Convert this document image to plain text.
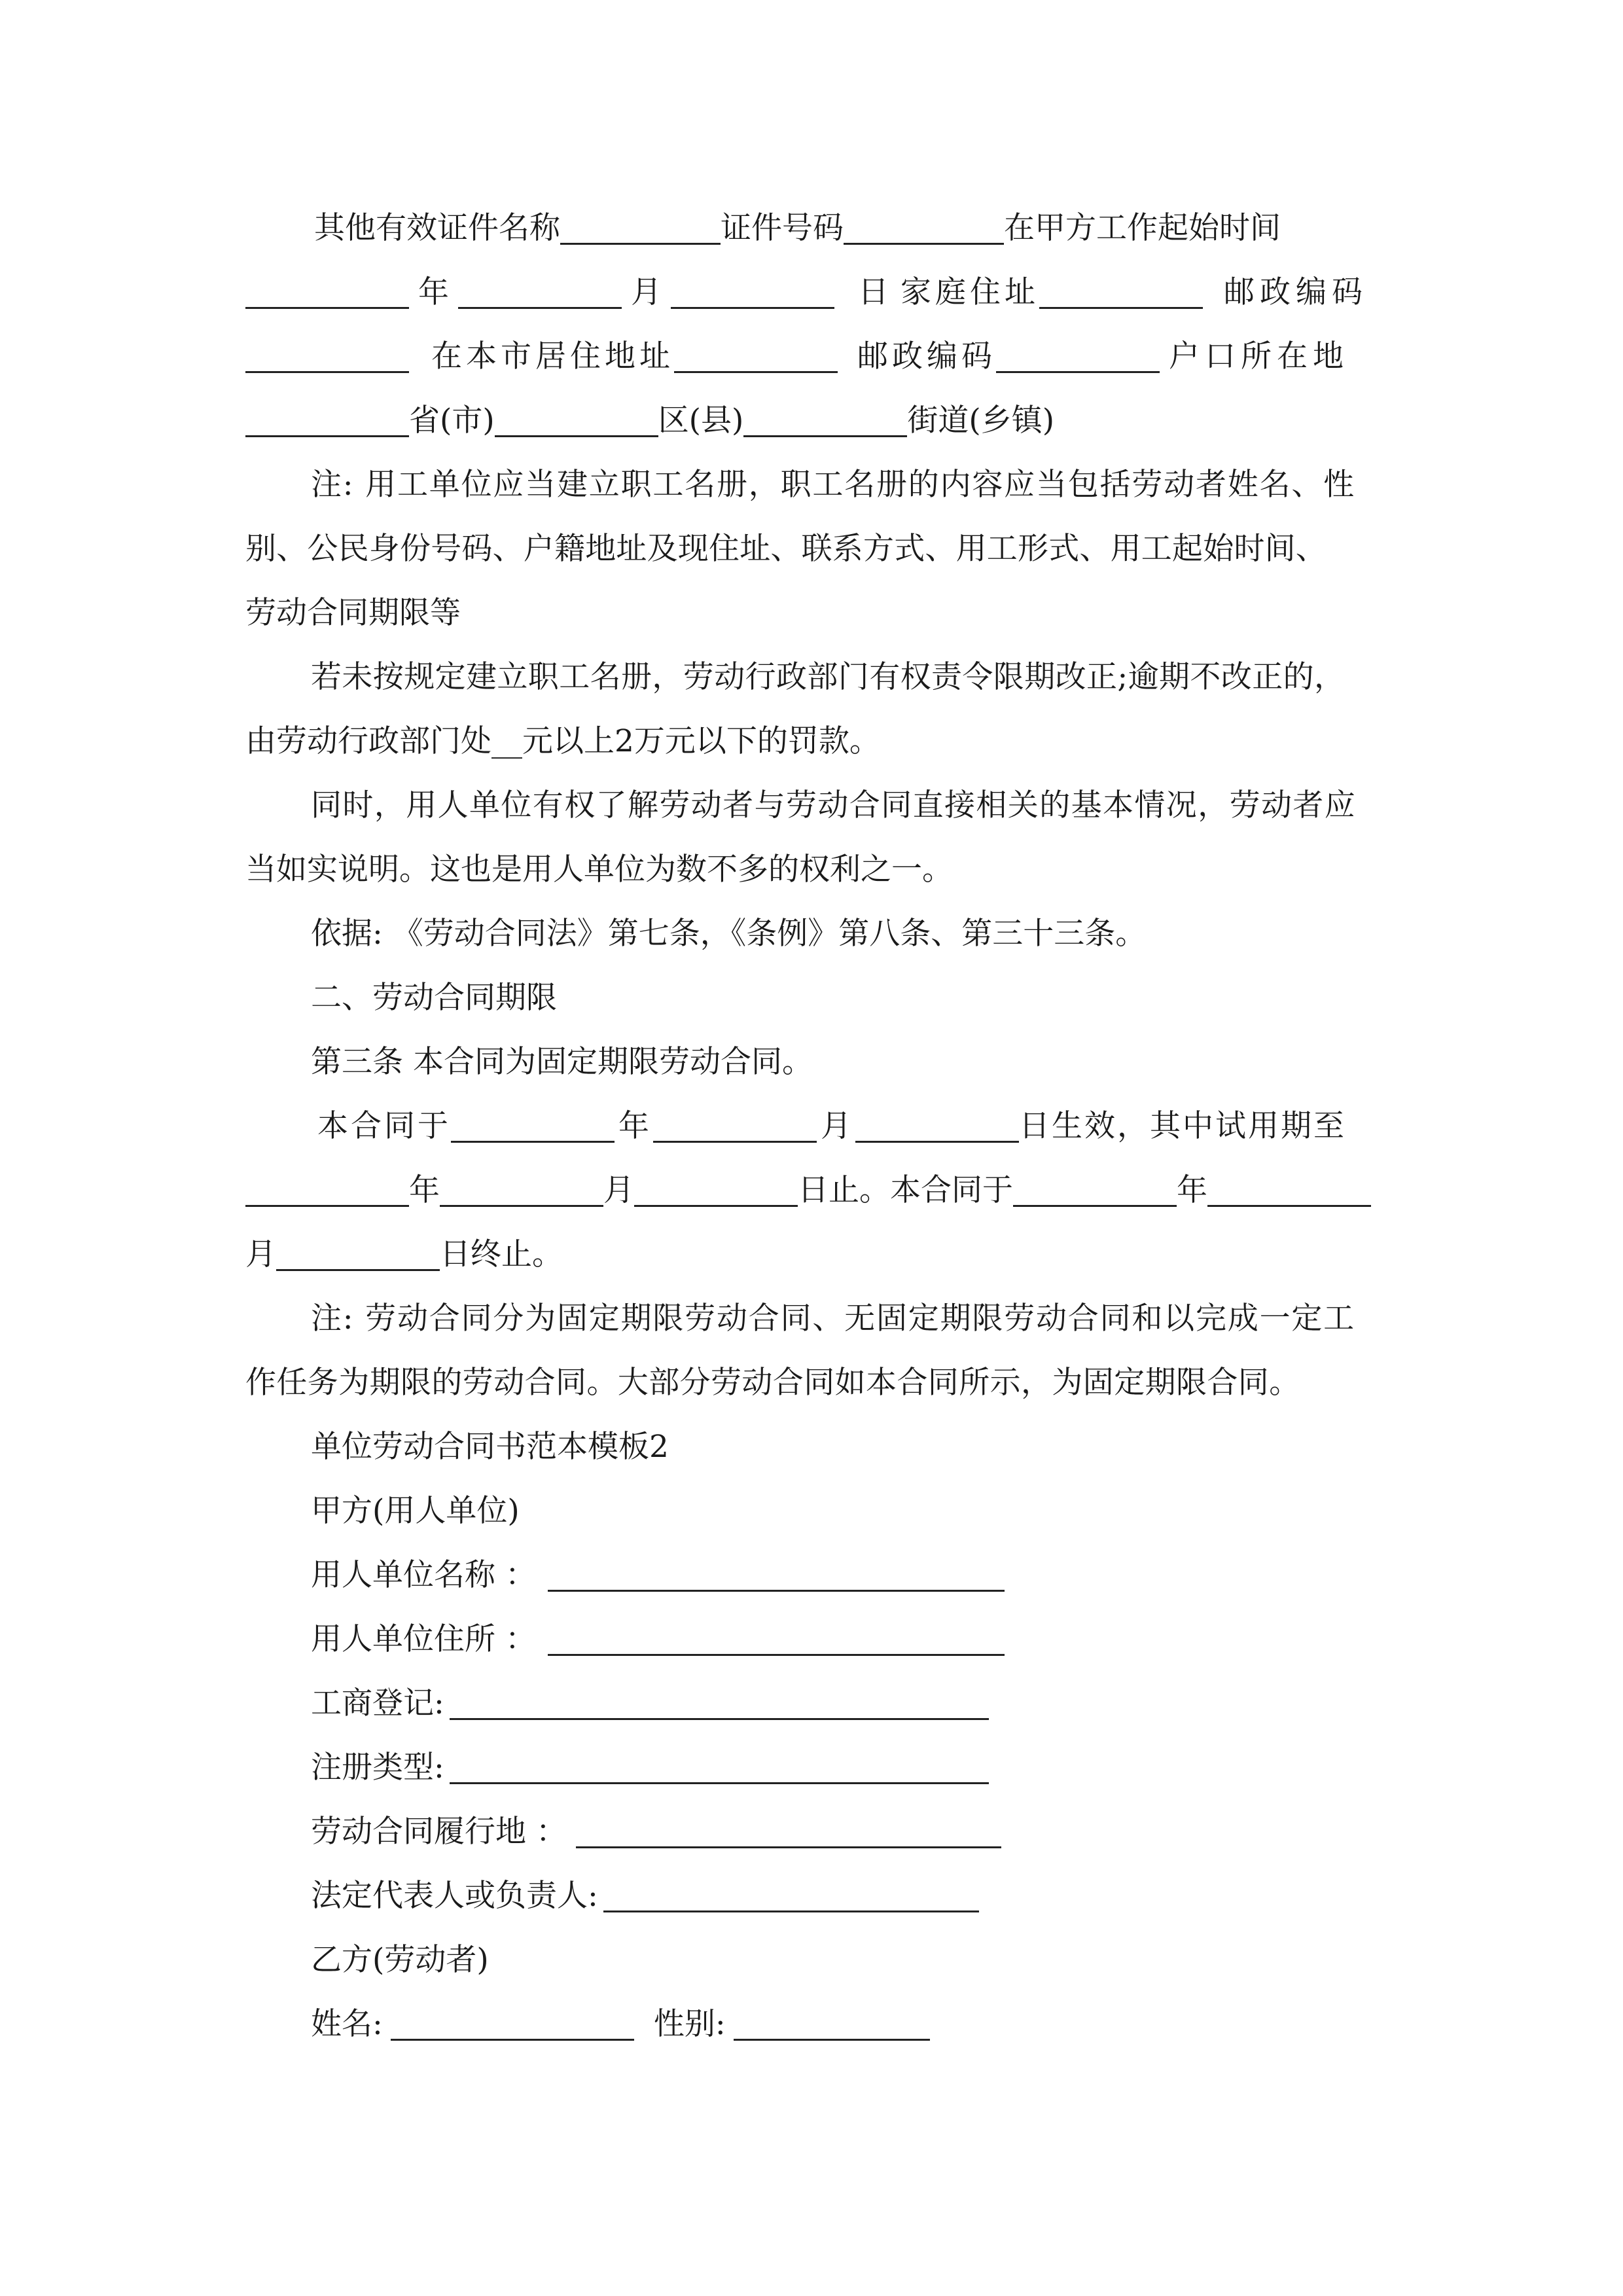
其他有效证件名称	证件号码	在甲方工作起始时间
年	月	日 家庭住址	邮政编码
在本市居住地址	邮政编码	户口所在地
省(市)	区(县)	街道(乡镇)
注: 用工单位应当建立职工名册，职工名册的内容应当包括劳动者姓名、性
别、公民身份号码、户籍地址及现住址、联系方式、用工形式、用工起始时间、
劳动合同期限等
若未按规定建立职工名册，劳动行政部门有权责令限期改正;逾期不改正的，
由劳动行政部门处__元以上2万元以下的罚款。
同时，用人单位有权了解劳动者与劳动合同直接相关的基本情况，劳动者应
当如实说明。这也是用人单位为数不多的权利之一。
依据: 《劳动合同法》第七条，《条例》第八条、第三十三条。
二、劳动合同期限
第三条 本合同为固定期限劳动合同。
本合同于	年	月	日生效，其中试用期至
年	月	日止。本合同于	年
月	日终止。
注: 劳动合同分为固定期限劳动合同、无固定期限劳动合同和以完成一定工
作任务为期限的劳动合同。大部分劳动合同如本合同所示，为固定期限合同。
单位劳动合同书范本模板2
甲方(用人单位)
用人单位名称 ：
用人单位住所 ：
工商登记:
注册类型:
劳动合同履行地 ：
法定代表人或负责人:
乙方(劳动者)
姓名:	性别:
